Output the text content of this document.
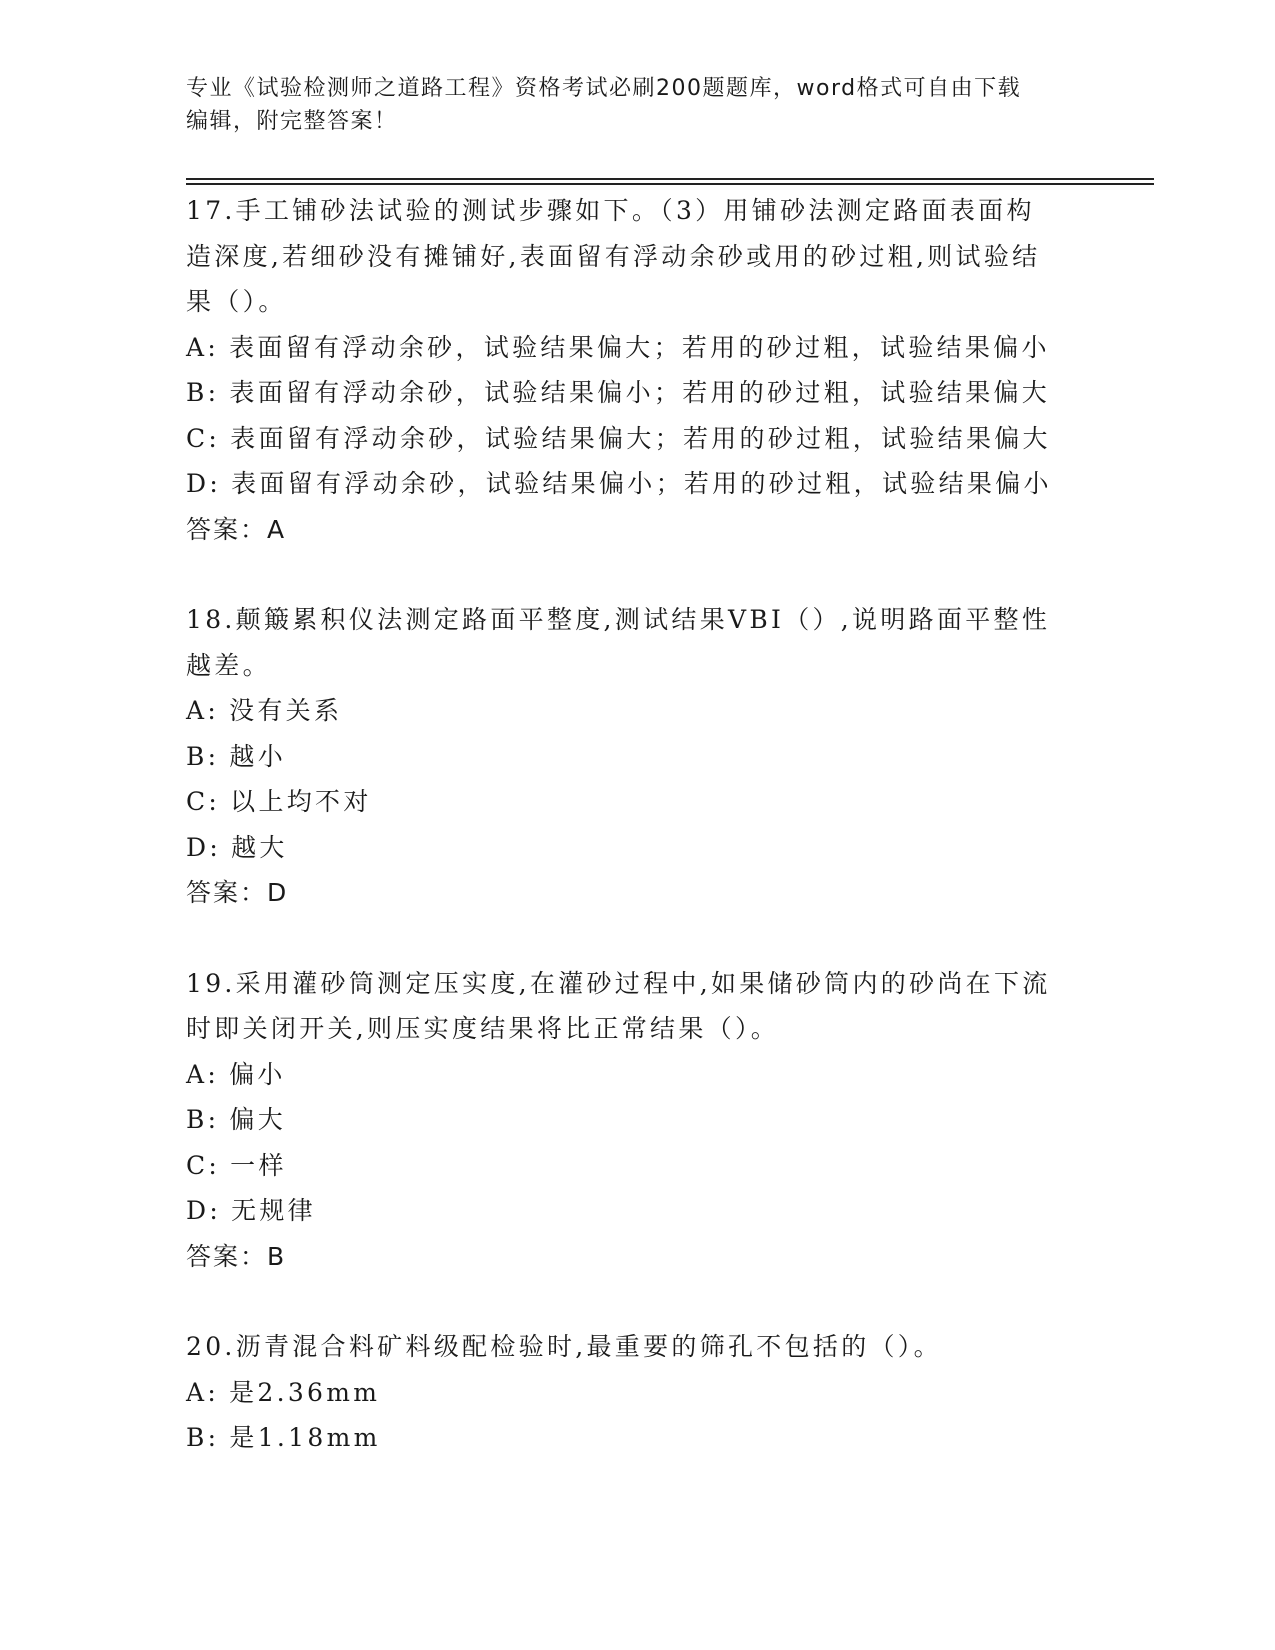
专业《试验检测师之道路工程》资格考试必刷200题题库，word格式可自由下载
编辑，附完整答案！
17.手工铺砂法试验的测试步骤如下。（3）用铺砂法测定路面表面构
造深度,若细砂没有摊铺好,表面留有浮动余砂或用的砂过粗,则试验结
果（）。
A: 表面留有浮动余砂，试验结果偏大；若用的砂过粗，试验结果偏小
B: 表面留有浮动余砂，试验结果偏小；若用的砂过粗，试验结果偏大
C: 表面留有浮动余砂，试验结果偏大；若用的砂过粗，试验结果偏大
D: 表面留有浮动余砂，试验结果偏小；若用的砂过粗，试验结果偏小
答案：A
18.颠簸累积仪法测定路面平整度,测试结果VBI（）,说明路面平整性
越差。
A: 没有关系
B: 越小
C: 以上均不对
D: 越大
答案：D
19.采用灌砂筒测定压实度,在灌砂过程中,如果储砂筒内的砂尚在下流
时即关闭开关,则压实度结果将比正常结果（）。
A: 偏小
B: 偏大
C: 一样
D: 无规律
答案：B
20.沥青混合料矿料级配检验时,最重要的筛孔不包括的（）。
A: 是2.36mm
B: 是1.18mm
